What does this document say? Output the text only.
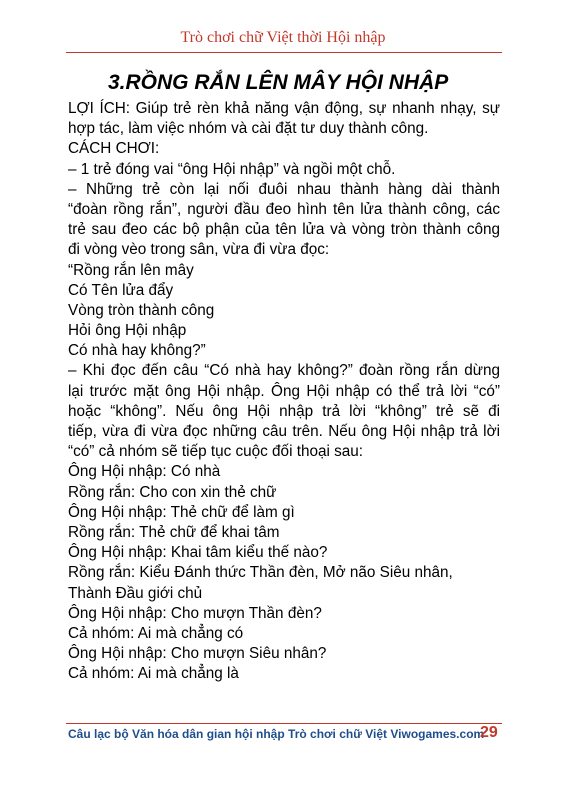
Trò chơi chữ Việt thời Hội nhập
3.RỒNG RẮN LÊN MÂY HỘI NHẬP
LỢI ÍCH: Giúp trẻ rèn khả năng vận động, sự nhanh nhạy, sự
hợp tác, làm việc nhóm và cài đặt tư duy thành công.
CÁCH CHƠI:
– 1 trẻ đóng vai “ông Hội nhập” và ngồi một chỗ.
– Những trẻ còn lại nối đuôi nhau thành hàng dài thành
“đoàn rồng rắn”, người đầu đeo hình tên lửa thành công, các
trẻ sau đeo các bộ phận của tên lửa và vòng tròn thành công
đi vòng vèo trong sân, vừa đi vừa đọc:
“Rồng rắn lên mây
Có Tên lửa đẩy
Vòng tròn thành công
Hỏi ông Hội nhập
Có nhà hay không?”
– Khi đọc đến câu “Có nhà hay không?” đoàn rồng rắn dừng
lại trước mặt ông Hội nhập. Ông Hội nhập có thể trả lời “có”
hoặc “không”. Nếu ông Hội nhập trả lời “không” trẻ sẽ đi
tiếp, vừa đi vừa đọc những câu trên. Nếu ông Hội nhập trả lời
“có” cả nhóm sẽ tiếp tục cuộc đối thoại sau:
Ông Hội nhập: Có nhà
Rồng rắn: Cho con xin thẻ chữ
Ông Hội nhập: Thẻ chữ để làm gì
Rồng rắn: Thẻ chữ để khai tâm
Ông Hội nhập: Khai tâm kiểu thế nào?
Rồng rắn: Kiểu Đánh thức Thần đèn, Mở não Siêu nhân,
Thành Đầu giới chủ
Ông Hội nhập: Cho mượn Thần đèn?
Cả nhóm: Ai mà chẳng có
Ông Hội nhập: Cho mượn Siêu nhân?
Cả nhóm: Ai mà chẳng là
Câu lạc bộ Văn hóa dân gian hội nhập Trò chơi chữ Việt Viwogames.com
29
